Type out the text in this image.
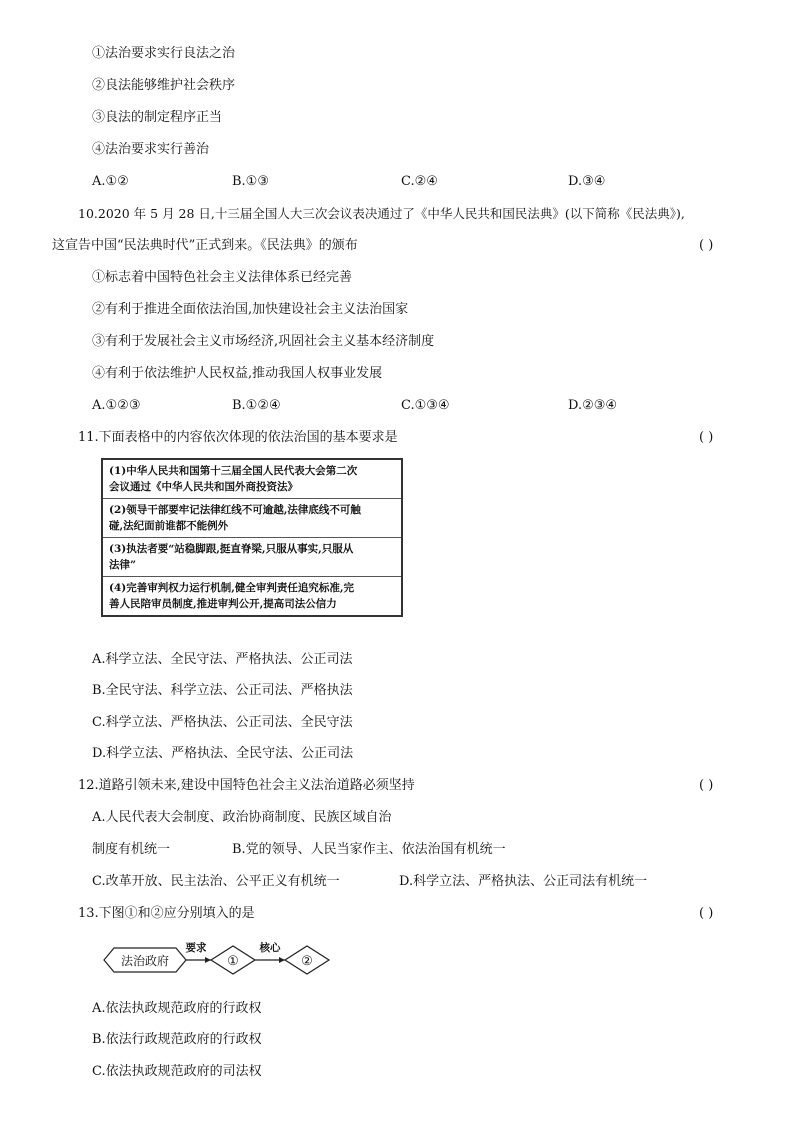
①法治要求实行良法之治
②良法能够维护社会秩序
③良法的制定程序正当
④法治要求实行善治
A.①②	B.①③	C.②④	D.③④
10.2020 年 5 月 28 日,十三届全国人大三次会议表决通过了《中华人民共和国民法典》(以下简称《民法典》),
这宣告中国“民法典时代”正式到来。《民法典》的颁布	( )
①标志着中国特色社会主义法律体系已经完善
②有利于推进全面依法治国,加快建设社会主义法治国家
③有利于发展社会主义市场经济,巩固社会主义基本经济制度
④有利于依法维护人民权益,推动我国人权事业发展
A.①②③	B.①②④	C.①③④	D.②③④
11.下面表格中的内容依次体现的依法治国的基本要求是	( )
(1)中华人民共和国第十三届全国人民代表大会第二次
会议通过《中华人民共和国外商投资法》

(2)领导干部要牢记法律红线不可逾越,法律底线不可触
碰,法纪面前谁都不能例外

(3)执法者要“站稳脚跟,挺直脊梁,只服从事实,只服从
法律”

(4)完善审判权力运行机制,健全审判责任追究标准,完
善人民陪审员制度,推进审判公开,提高司法公信力
A.科学立法、全民守法、严格执法、公正司法
B.全民守法、科学立法、公正司法、严格执法
C.科学立法、严格执法、公正司法、全民守法
D.科学立法、严格执法、全民守法、公正司法
12.道路引领未来,建设中国特色社会主义法治道路必须坚持	( )
A.人民代表大会制度、政治协商制度、民族区域自治
制度有机统一	B.党的领导、人民当家作主、依法治国有机统一
C.改革开放、民主法治、公平正义有机统一	D.科学立法、严格执法、公正司法有机统一
13.下图①和②应分别填入的是	( )
法治政府
要求
①
核心
②
A.依法执政规范政府的行政权
B.依法行政规范政府的行政权
C.依法执政规范政府的司法权
